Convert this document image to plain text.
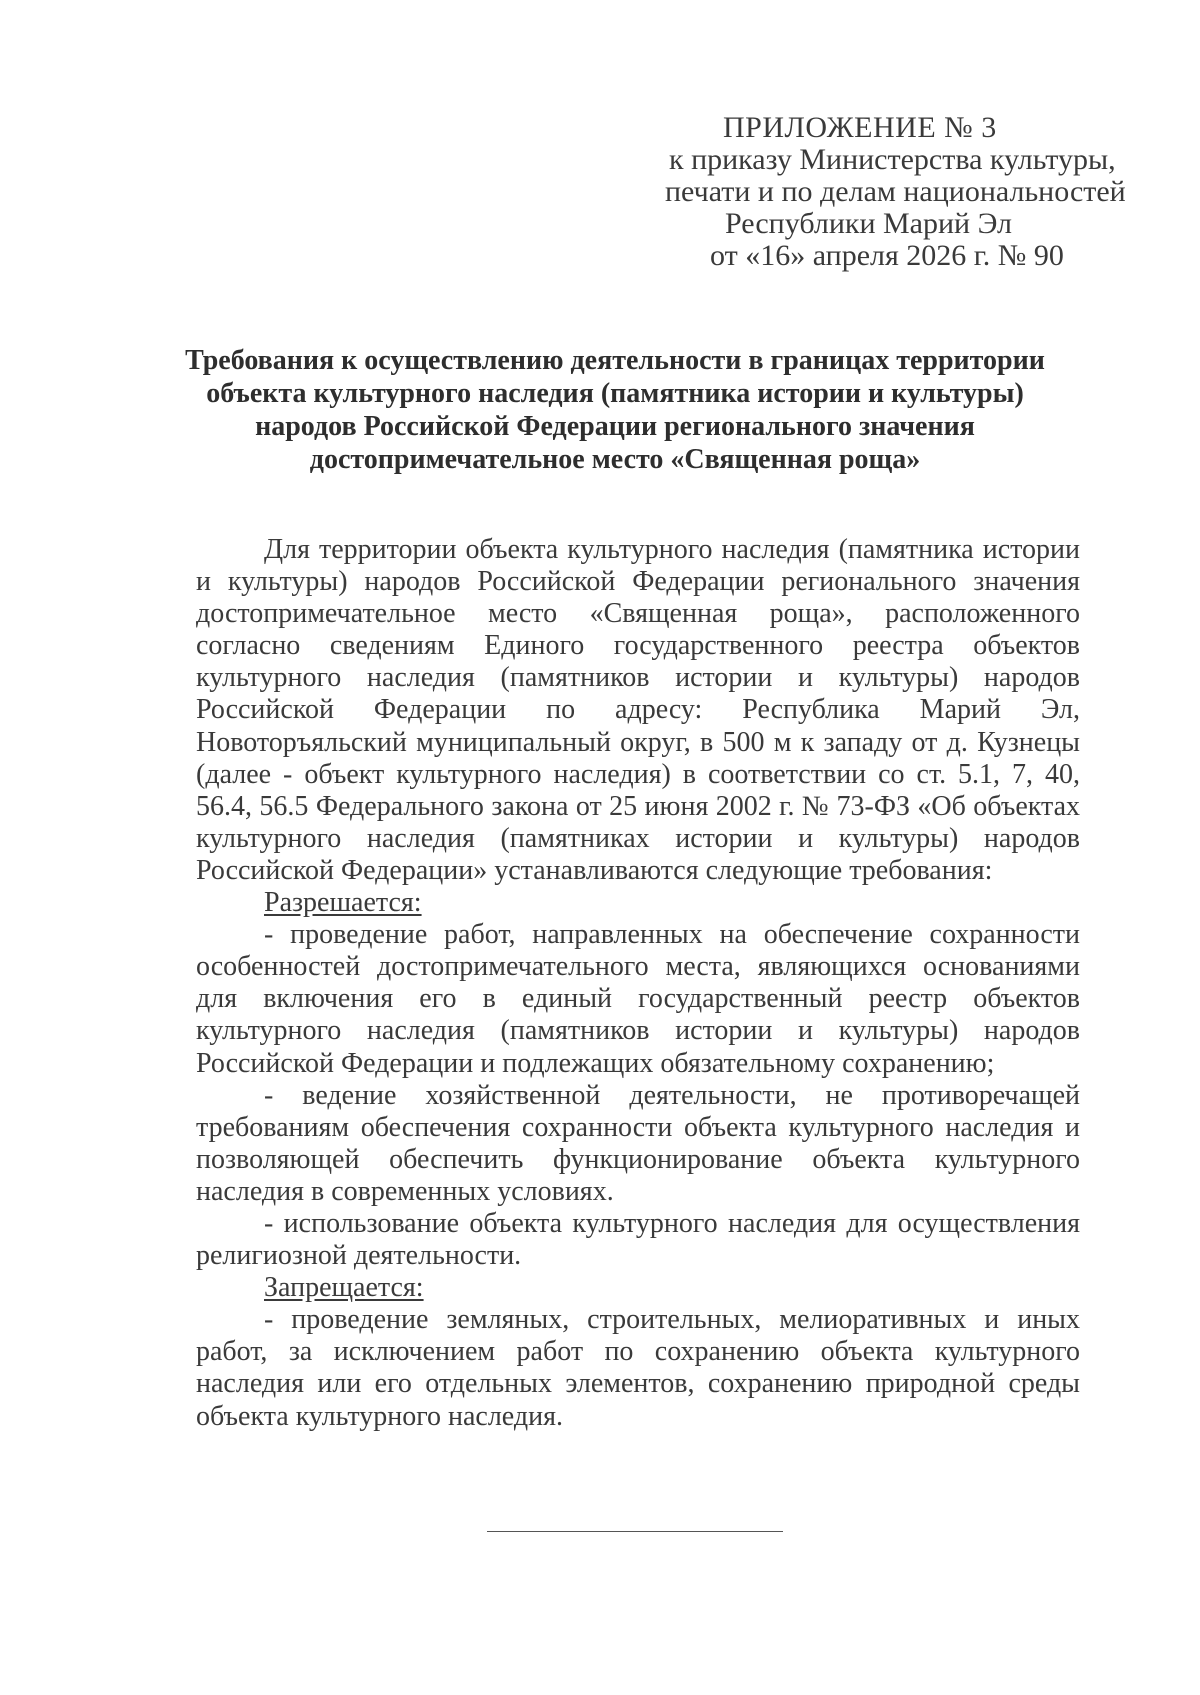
ПРИЛОЖЕНИЕ № 3
к приказу Министерства культуры,
печати и по делам национальностей
Республики Марий Эл
от «16» апреля 2026 г. № 90
Требования к осуществлению деятельности в границах территории
объекта культурного наследия (памятника истории и культуры)
народов Российской Федерации регионального значения
достопримечательное место «Священная роща»

Для территории объекта культурного наследия (памятника истории и культуры) народов Российской Федерации регионального значения достопримечательное место «Священная роща», расположенного согласно сведениям Единого государственного реестра объектов культурного наследия (памятников истории и культуры) народов Российской Федерации по адресу: Республика Марий Эл, Новоторъяльский муниципальный округ, в 500 м к западу от д. Кузнецы (далее - объект культурного наследия) в соответствии со ст. 5.1, 7, 40, 56.4, 56.5 Федерального закона от 25 июня 2002 г. № 73-ФЗ «Об объектах культурного наследия (памятниках истории и культуры) народов Российской Федерации» устанавливаются следующие требования:

Разрешается:

- проведение работ, направленных на обеспечение сохранности особенностей достопримечательного места, являющихся основаниями для включения его в единый государственный реестр объектов культурного наследия (памятников истории и культуры) народов Российской Федерации и подлежащих обязательному сохранению;

- ведение хозяйственной деятельности, не противоречащей требованиям обеспечения сохранности объекта культурного наследия и позволяющей обеспечить функционирование объекта культурного наследия в современных условиях.

- использование объекта культурного наследия для осуществления религиозной деятельности.

Запрещается:

- проведение земляных, строительных, мелиоративных и иных работ, за исключением работ по сохранению объекта культурного наследия или его отдельных элементов, сохранению природной среды объекта культурного наследия.
